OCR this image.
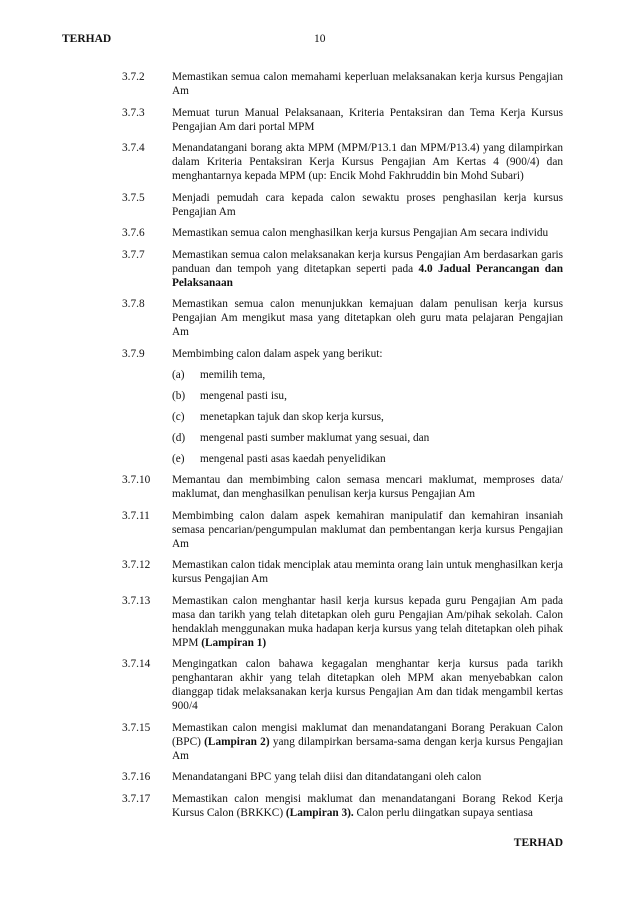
TERHAD	10
3.7.2	Memastikan semua calon memahami keperluan melaksanakan kerja kursus Pengajian Am
3.7.3	Memuat turun Manual Pelaksanaan, Kriteria Pentaksiran dan Tema Kerja Kursus Pengajian Am dari portal MPM
3.7.4	Menandatangani borang akta MPM (MPM/P13.1 dan MPM/P13.4) yang dilampirkan dalam Kriteria Pentaksiran Kerja Kursus Pengajian Am Kertas 4 (900/4) dan menghantarnya kepada MPM (up: Encik Mohd Fakhruddin bin Mohd Subari)
3.7.5	Menjadi pemudah cara kepada calon sewaktu proses penghasilan kerja kursus Pengajian Am
3.7.6	Memastikan semua calon menghasilkan kerja kursus Pengajian Am secara individu
3.7.7	Memastikan semua calon melaksanakan kerja kursus Pengajian Am berdasarkan garis panduan dan tempoh yang ditetapkan seperti pada 4.0 Jadual Perancangan dan Pelaksanaan
3.7.8	Memastikan semua calon menunjukkan kemajuan dalam penulisan kerja kursus Pengajian Am mengikut masa yang ditetapkan oleh guru mata pelajaran Pengajian Am
3.7.9	Membimbing calon dalam aspek yang berikut:
(a)	memilih tema,
(b)	mengenal pasti isu,
(c)	menetapkan tajuk dan skop kerja kursus,
(d)	mengenal pasti sumber maklumat yang sesuai, dan
(e)	mengenal pasti asas kaedah penyelidikan
3.7.10	Memantau dan membimbing calon semasa mencari maklumat, memproses data/ maklumat, dan menghasilkan penulisan kerja kursus Pengajian Am
3.7.11	Membimbing calon dalam aspek kemahiran manipulatif dan kemahiran insaniah semasa pencarian/pengumpulan maklumat dan pembentangan kerja kursus Pengajian Am
3.7.12	Memastikan calon tidak menciplak atau meminta orang lain untuk menghasilkan kerja kursus Pengajian Am
3.7.13	Memastikan calon menghantar hasil kerja kursus kepada guru Pengajian Am pada masa dan tarikh yang telah ditetapkan oleh guru Pengajian Am/pihak sekolah. Calon hendaklah menggunakan muka hadapan kerja kursus yang telah ditetapkan oleh pihak MPM (Lampiran 1)
3.7.14	Mengingatkan calon bahawa kegagalan menghantar kerja kursus pada tarikh penghantaran akhir yang telah ditetapkan oleh MPM akan menyebabkan calon dianggap tidak melaksanakan kerja kursus Pengajian Am dan tidak mengambil kertas 900/4
3.7.15	Memastikan calon mengisi maklumat dan menandatangani Borang Perakuan Calon (BPC) (Lampiran 2) yang dilampirkan bersama-sama dengan kerja kursus Pengajian Am
3.7.16	Menandatangani BPC yang telah diisi dan ditandatangani oleh calon
3.7.17	Memastikan calon mengisi maklumat dan menandatangani Borang Rekod Kerja Kursus Calon (BRKKC) (Lampiran 3). Calon perlu diingatkan supaya sentiasa
TERHAD
